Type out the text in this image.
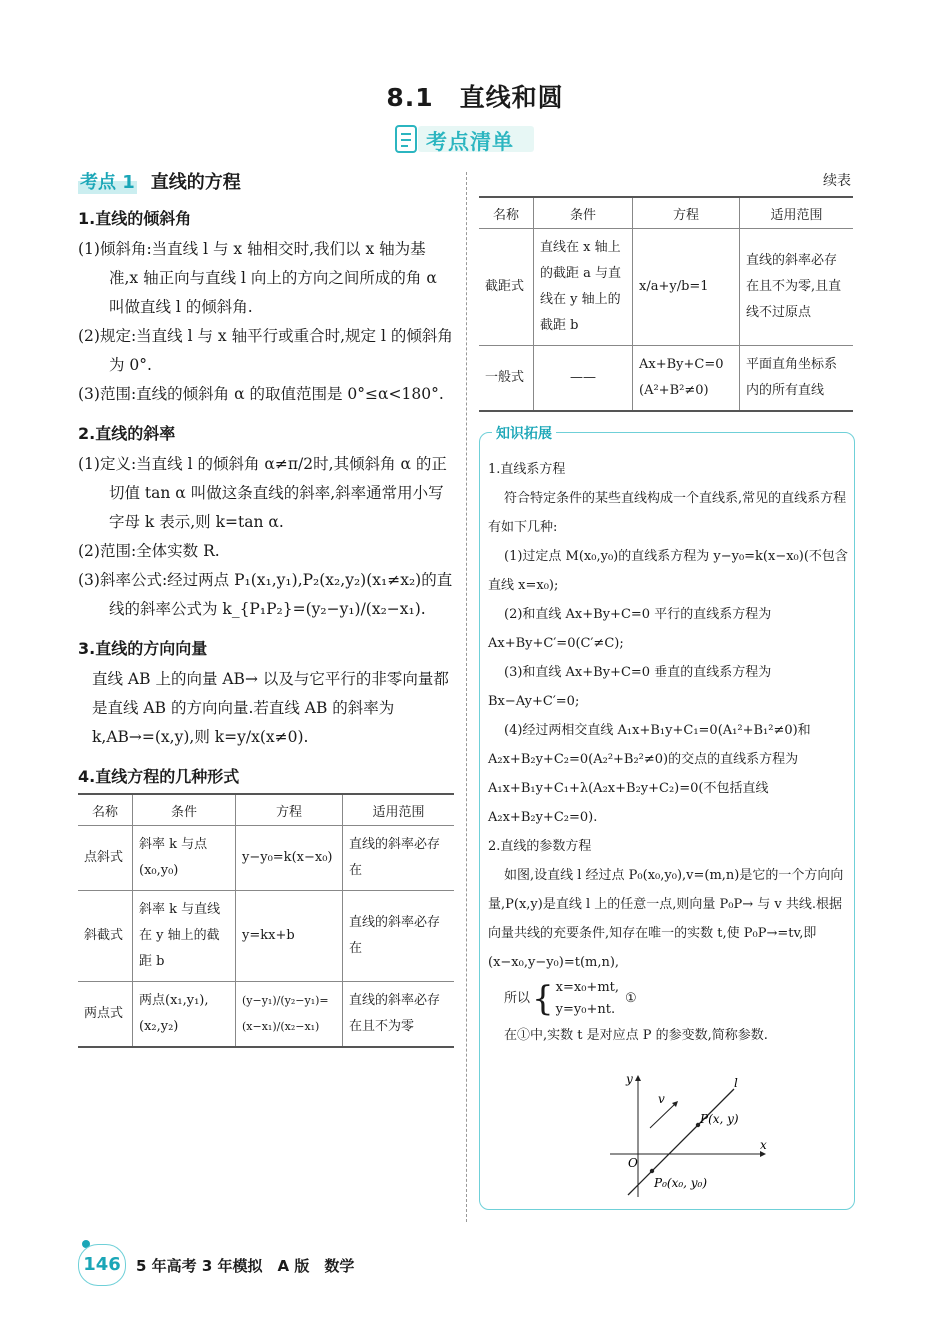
8.1　直线和圆
考点清单
考点 1 直线的方程
1.直线的倾斜角

(1)倾斜角:当直线 l 与 x 轴相交时,我们以 x 轴为基准,x 轴正向与直线 l 向上的方向之间所成的角 α 叫做直线 l 的倾斜角.

(2)规定:当直线 l 与 x 轴平行或重合时,规定 l 的倾斜角为 0°.

(3)范围:直线的倾斜角 α 的取值范围是 0°≤α<180°.

2.直线的斜率

(1)定义:当直线 l 的倾斜角 α≠π/2时,其倾斜角 α 的正切值 tan α 叫做这条直线的斜率,斜率通常用小写字母 k 表示,则 k=tan α.

(2)范围:全体实数 R.

(3)斜率公式:经过两点 P₁(x₁,y₁),P₂(x₂,y₂)(x₁≠x₂)的直线的斜率公式为 k_{P₁P₂}=(y₂−y₁)/(x₂−x₁).

3.直线的方向向量

直线 AB 上的向量 AB→ 以及与它平行的非零向量都是直线 AB 的方向向量.若直线 AB 的斜率为 k,AB→=(x,y),则 k=y/x(x≠0).

4.直线方程的几种形式
名称	条件	方程	适用范围
点斜式	斜率 k 与点(x₀,y₀)	y−y₀=k(x−x₀)	直线的斜率必存在
斜截式	斜率 k 与直线在 y 轴上的截距 b	y=kx+b	直线的斜率必存在
两点式	两点(x₁,y₁),(x₂,y₂)	(y−y₁)/(y₂−y₁)=(x−x₁)/(x₂−x₁)	直线的斜率必存在且不为零
续表
名称	条件	方程	适用范围
截距式	直线在 x 轴上的截距 a 与直线在 y 轴上的截距 b	x/a+y/b=1	直线的斜率必存在且不为零,且直线不过原点
一般式	——	Ax+By+C=0 (A²+B²≠0)	平面直角坐标系内的所有直线
知识拓展

1.直线系方程

符合特定条件的某些直线构成一个直线系,常见的直线系方程有如下几种:

(1)过定点 M(x₀,y₀)的直线系方程为 y−y₀=k(x−x₀)(不包含直线 x=x₀);

(2)和直线 Ax+By+C=0 平行的直线系方程为 Ax+By+C′=0(C′≠C);

(3)和直线 Ax+By+C=0 垂直的直线系方程为 Bx−Ay+C′=0;

(4)经过两相交直线 A₁x+B₁y+C₁=0(A₁²+B₁²≠0)和 A₂x+B₂y+C₂=0(A₂²+B₂²≠0)的交点的直线系方程为 A₁x+B₁y+C₁+λ(A₂x+B₂y+C₂)=0(不包括直线 A₂x+B₂y+C₂=0).

2.直线的参数方程

如图,设直线 l 经过点 P₀(x₀,y₀),v=(m,n)是它的一个方向向量,P(x,y)是直线 l 上的任意一点,则向量 P₀P→ 与 v 共线.根据向量共线的充要条件,知存在唯一的实数 t,使 P₀P→=tv,即(x−x₀,y−y₀)=t(m,n),

所以 { x=x₀+mt,
y=y₀+nt.
①

在①中,实数 t 是对应点 P 的参变数,简称参数.

y
x
O
l
v
P(x, y)
P₀(x₀, y₀)
146	5 年高考 3 年模拟　A 版　数学
